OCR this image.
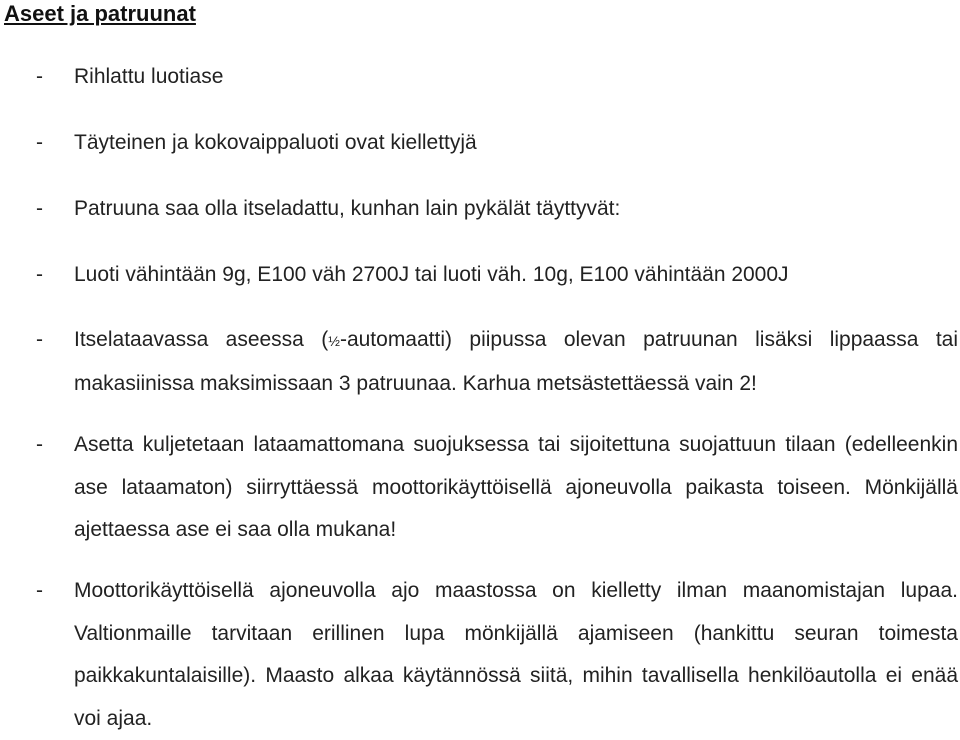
Aseet ja patruunat
- Rihlattu luotiase
- Täyteinen ja kokovaippaluoti ovat kiellettyjä
- Patruuna saa olla itseladattu, kunhan lain pykälät täyttyvät:
- Luoti vähintään 9g, E100 väh 2700J tai luoti väh. 10g, E100 vähintään 2000J
- Itselataavassa aseessa (½-automaatti) piipussa olevan patruunan lisäksi lippaassa tai makasiinissa maksimissaan 3 patruunaa. Karhua metsästettäessä vain 2!
- Asetta kuljetetaan lataamattomana suojuksessa tai sijoitettuna suojattuun tilaan (edelleenkin ase lataamaton) siirryttäessä moottorikäyttöisellä ajoneuvolla paikasta toiseen. Mönkijällä ajettaessa ase ei saa olla mukana!
- Moottorikäyttöisellä ajoneuvolla ajo maastossa on kielletty ilman maanomistajan lupaa. Valtionmaille tarvitaan erillinen lupa mönkijällä ajamiseen (hankittu seuran toimesta paikkakuntalaisille). Maasto alkaa käytännössä siitä, mihin tavallisella henkilöautolla ei enää voi ajaa.
